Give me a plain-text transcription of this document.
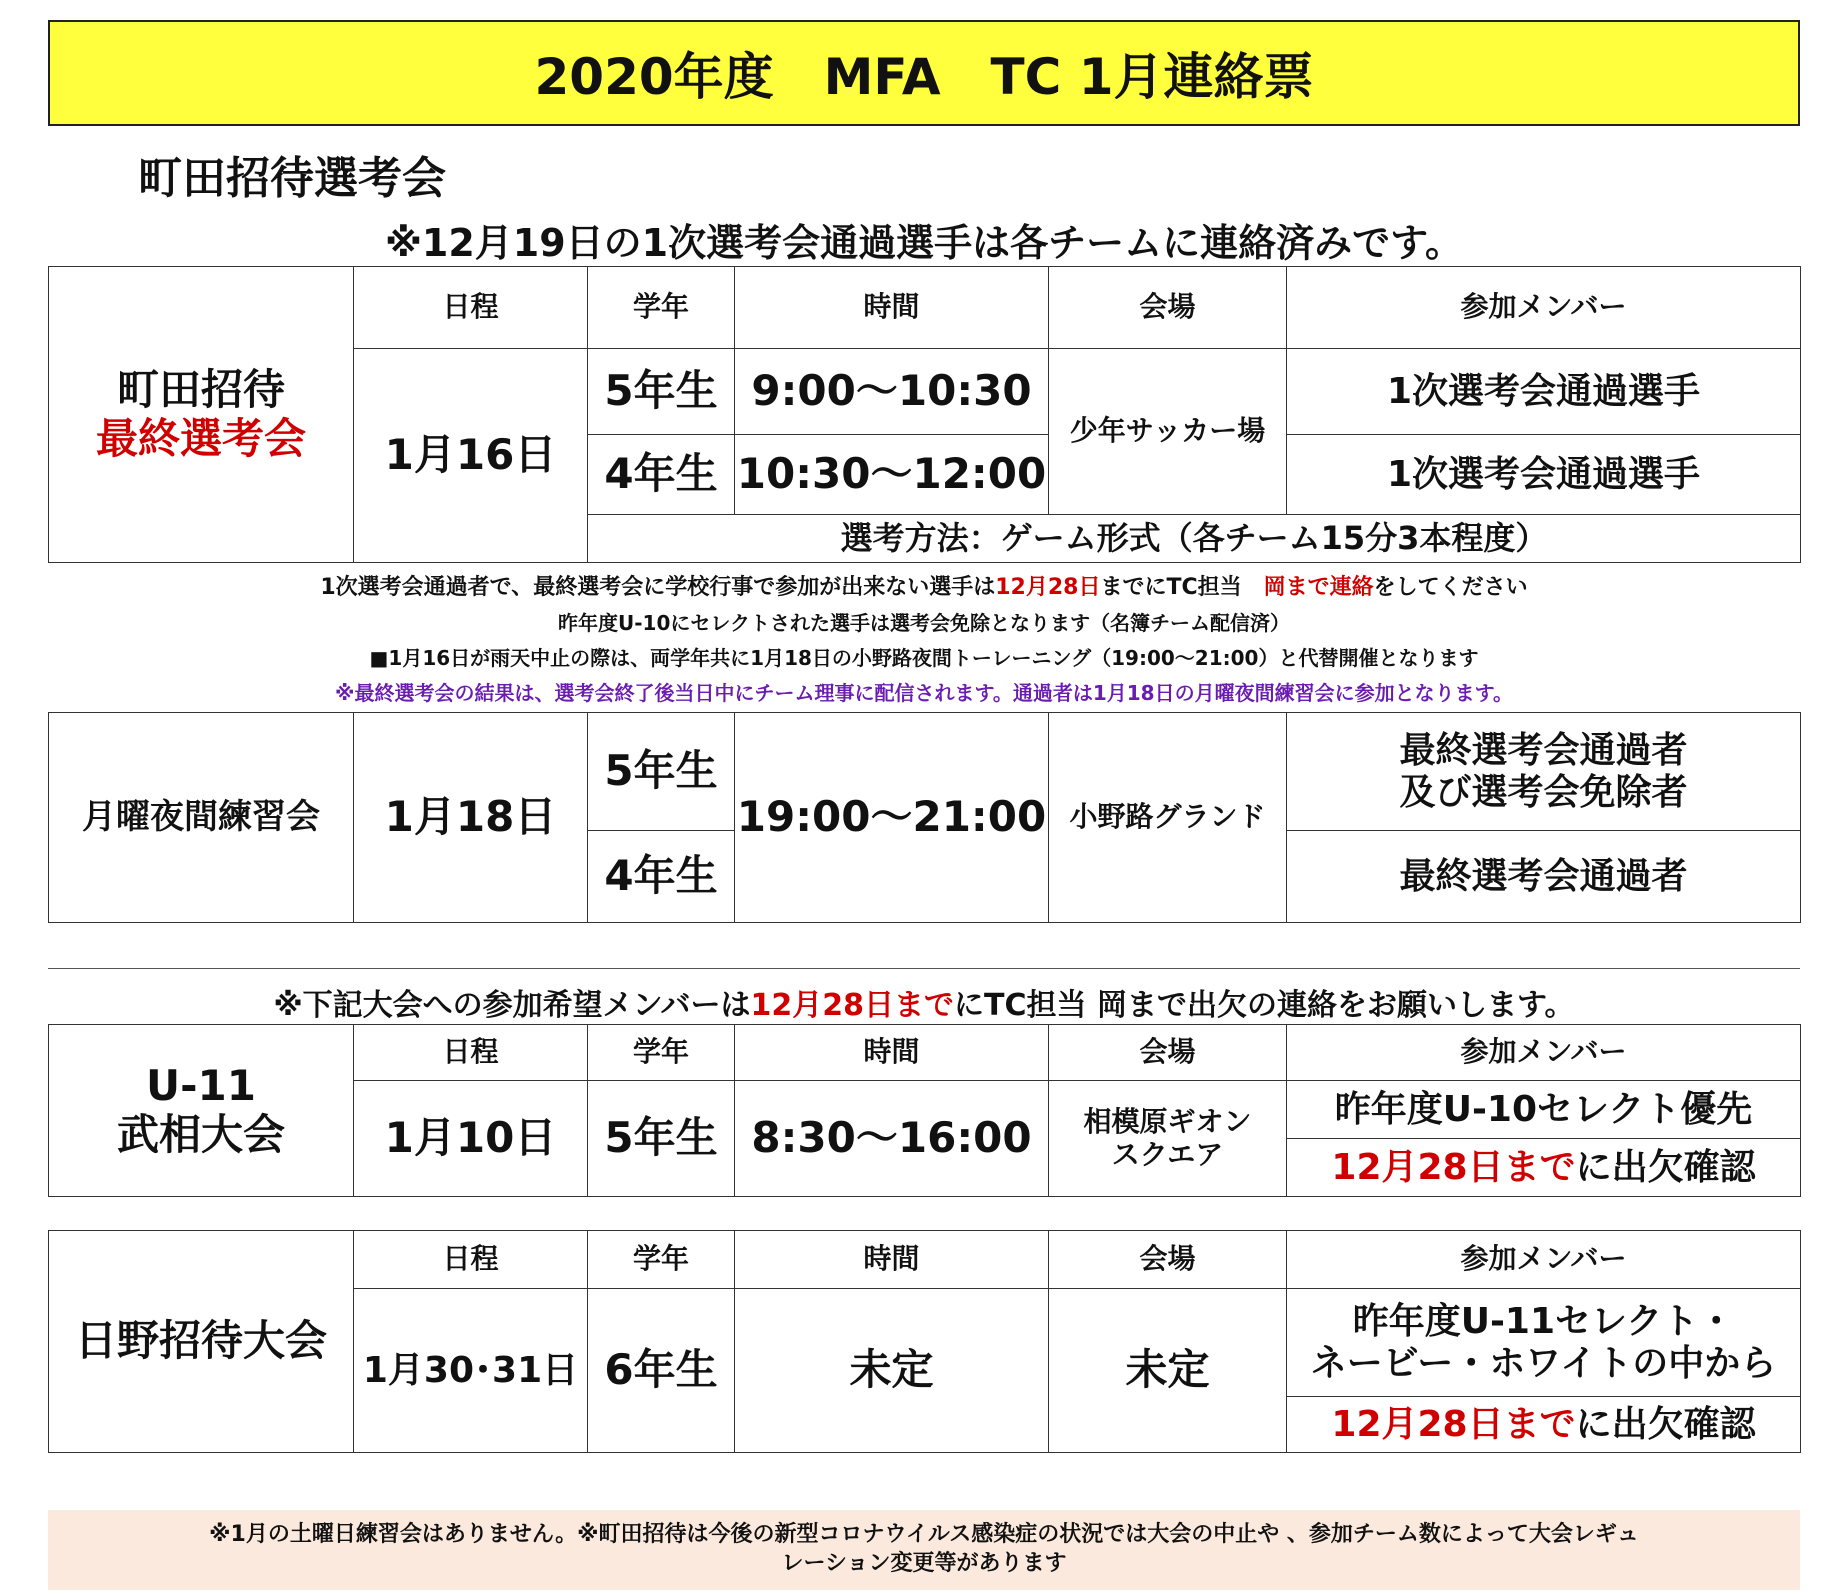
2020年度　MFA　TC 1月連絡票
町田招待選考会
※12月19日の1次選考会通過選手は各チームに連絡済みです。
町田招待
最終選考会	日程	学年	時間	会場	参加メンバー
	1月16日	5年生	9:00〜10:30	少年サッカー場	1次選考会通過選手
		4年生	10:30〜12:00		1次選考会通過選手
		選考方法：ゲーム形式（各チーム15分3本程度）			
1次選考会通過者で、最終選考会に学校行事で参加が出来ない選手は12月28日までにTC担当　岡まで連絡をしてください
昨年度U-10にセレクトされた選手は選考会免除となります（名簿チーム配信済）
■1月16日が雨天中止の際は、両学年共に1月18日の小野路夜間トーレーニング（19:00〜21:00）と代替開催となります
※最終選考会の結果は、選考会終了後当日中にチーム理事に配信されます。通過者は1月18日の月曜夜間練習会に参加となります。
月曜夜間練習会	1月18日	5年生	19:00〜21:00	小野路グランド	最終選考会通過者
及び選考会免除者

		4年生			最終選考会通過者
※下記大会への参加希望メンバーは12月28日までにTC担当 岡まで出欠の連絡をお願いします。
U-11
武相大会	日程	学年	時間	会場	参加メンバー
	1月10日	5年生	8:30〜16:00	相模原ギオン
スクエア	昨年度U-10セレクト優先
					12月28日までに出欠確認
日野招待大会	日程	学年	時間	会場	参加メンバー
	1月30･31日	6年生	未定	未定	昨年度U-11セレクト・
ネービー・ホワイトの中から

					12月28日までに出欠確認
※1月の土曜日練習会はありません。※町田招待は今後の新型コロナウイルス感染症の状況では大会の中止や 、参加チーム数によって大会レギュ
レーション変更等があります
